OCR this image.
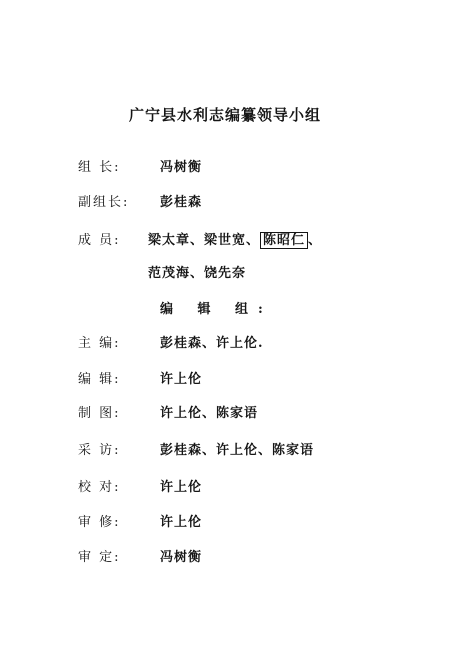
广宁县水利志编纂领导小组
组 长:	冯树衡
副组长:	彭桂森
成 员:	梁太章、梁世宽、 陈昭仁 、
范茂海、饶先奈
编 辑 组:
主 编:	彭桂森、许上伦.
编 辑:	许上伦
制 图:	许上伦、陈家语
采 访:	彭桂森、许上伦、陈家语
校 对:	许上伦
审 修:	许上伦
审 定:	冯树衡
